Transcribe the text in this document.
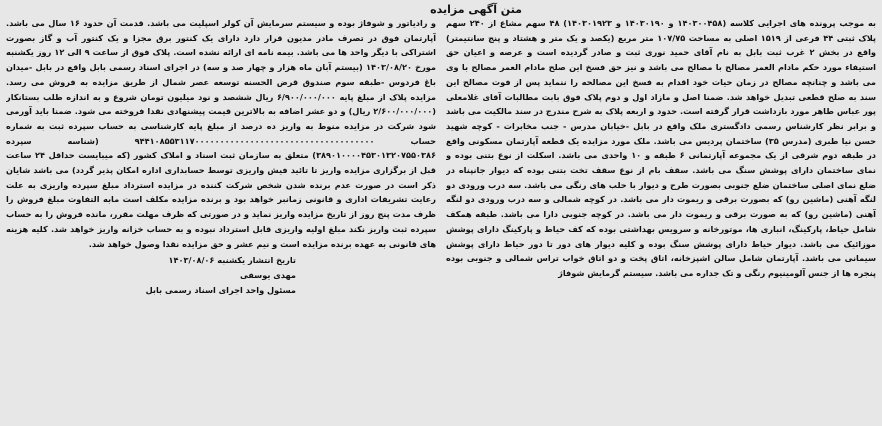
متن آگهی مزایده

به موجب پرونده های اجرایی کلاسه (۱۴۰۳۰۰۴۵۸ و ۱۴۰۳۰۱۹۰ و ۱۴۰۳۰۱۹۲۳) ۴۸ سهم مشاع از ۲۴۰ سهم پلاک ثبتی ۴۴ فرعی از ۱۵۱۹ اصلی به مساحت ۱۰۷/۷۵ متر مربع (یکصد و یک متر و هشتاد و پنج سانتیمتر) واقع در بخش ۲ غرب ثبت بابل به نام آقای حمید نوری ثبت و صادر گردیده است و عرصه و اعیان حق استیفاء مورد حکم مادام العمر مصالح با مصالح می باشد و نیز حق فسخ این صلح مادام العمر مصالح با وی می باشد و چنانچه مصالح در زمان حیات خود اقدام به فسخ این مصالحه را ننماید پس از فوت مصالح این سند به صلح قطعی تبدیل خواهد شد. ضمنا اصل و مازاد اول و دوم پلاک فوق بابت مطالبات آقای غلامعلی پور عباس طاهر مورد بازداشت قرار گرفته است. حدود و اربعه پلاک به شرح مندرج در سند مالکیت می باشد و برابر نظر کارشناس رسمی دادگستری ملک واقع در بابل -خیابان مدرس - جنب مخابرات - کوچه شهید حسن نیا طبری (مدرس ۳۵) ساختمان پردیس می باشد. ملک مورد مزایده یک قطعه آپارتمان مسکونی واقع در طبقه دوم شرقی از یک مجموعه آپارتمانی ۶ طبقه و ۱۰ واحدی می باشد. اسکلت از نوع بتنی بوده و نمای ساختمان دارای پوشش سنگ می باشد. سقف بام از نوع سقف تخت بتنی بوده که دیوار جانپناه در ضلع نمای اصلی ساختمان ضلع جنوبی بصورت طرح و دیوار با حلب های رنگی می باشد. سه درب ورودی دو لنگه آهنی (ماشین رو) که بصورت برقی و ریموت دار می باشد. در کوچه شمالی و سه درب ورودی دو لنگه آهنی (ماشین رو) که به صورت برقی و ریموت دار می باشد. در کوچه جنوبی دارا می باشد. طبقه همکف شامل حیاط، پارکینگ، انباری ها، موتورخانه و سرویس بهداشتی بوده که کف حیاط و پارکینگ دارای پوشش موزائیک می باشد. دیوار حیاط دارای پوشش سنگ بوده و کلیه دیوار های دور تا دور حیاط دارای پوشش سیمانی می باشد. آپارتمان شامل سالن اشپزخانه، اتاق پخت و دو اتاق خواب تراس شمالی و جنوبی بوده پنجره ها از جنس آلومینیوم رنگی و تک جداره می باشد. سیستم گرمایش شوفاژ

و رادیاتور و شوفاژ بوده و سیستم سرمایش آن کولر اسپلیت می باشد. قدمت آن حدود ۱۶ سال می باشد. آپارتمان فوق در تصرف مادر مدیون قرار دارد دارای یک کنتور برق مجزا و یک کنتور آب و گاز بصورت اشتراکی با دیگر واحد ها می باشد. بیمه نامه ای ارائه نشده است. پلاک فوق از ساعت ۹ الی ۱۲ روز یکشنبه مورخ ۱۴۰۳/۰۸/۲۰ (بیستم آبان ماه هزار و چهار صد و سه) در اجرای اسناد رسمی بابل واقع در بابل -میدان باغ فردوس -طبقه سوم صندوق قرض الحسنه توسعه عصر شمال از طریق مزایده به فروش می رسد. مزایده پلاک از مبلغ پایه ۶/۹۰۰/۰۰۰/۰۰۰ ریال ششصد و نود میلیون تومان شروع و به اندازه طلب بستانکار (۲/۶۰۰/۰۰۰/۰۰۰ ریال) و دو عشر اضافه به بالاترین قیمت پیشنهادی نقدا فروخته می شود. ضمنا باید آورمی شود شرکت در مزایده منوط به واریز ده درصد از مبلغ پایه کارشناسی به حساب سپرده ثبت به شماره حساب ۹۴۴۱۰۸۵۵۳۱۱۷۰۰۰۰۰۰۰۰۰۰۰۰۰۰۰۰۰۰۰۰۰۰۰۰۰۰۰۰۰۰۰۰۰۰۰۰ (شناسه سپرده ۳۸۹۰۱۰۰۰۰۴۵۳۰۱۳۲۰۷۵۵۰۳۸۶) متعلق به سازمان ثبت اسناد و املاک کشور (که میبایست حداقل ۲۴ ساعت قبل از برگزاری مزایده واریز تا تائید فیش واریزی توسط حسابداری اداره امکان پذیر گردد) می باشد شایان ذکر است در صورت عدم برنده شدن شخص شرکت کننده در مزایده استرداد مبلغ سپرده واریزی به علت رعایت تشریفات اداری و قانونی زمانبر خواهد بود و برنده مزایده مکلف است مابه التفاوت مبلغ فروش را ظرف مدت پنج روز از تاریخ مزایده واریز نماید و در صورتی که ظرف مهلت مقرر، مانده فروش را به حساب سپرده ثبت واریز نکند مبلغ اولیه واریزی قابل استرداد نبوده و به حساب خزانه واریز خواهد شد. کلیه هزینه های قانونی به عهده برنده مزایده است و نیم عشر و حق مزایده نقدا وصول خواهد شد.

تاریخ انتشار یکشنبه ۱۴۰۳/۰۸/۰۶
مهدی یوسفی
مسئول واحد اجرای اسناد رسمی بابل
